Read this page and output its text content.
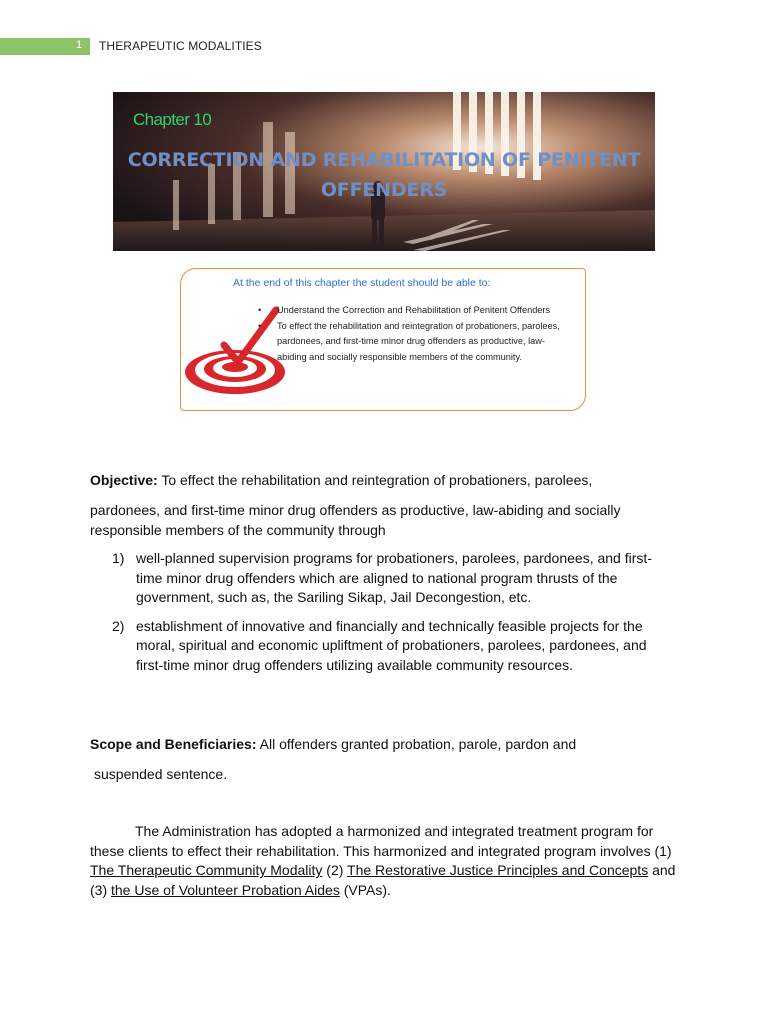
1	THERAPEUTIC MODALITIES
Chapter 10
CORRECTION AND REHABILITATION OF PENITENT OFFENDERS
At the end of this chapter the student should be able to:
• Understand the Correction and Rehabilitation of Penitent Offenders
• To effect the rehabilitation and reintegration of probationers, parolees, pardonees, and first-time minor drug offenders as productive, law-abiding and socially responsible members of the community.
Objective: To effect the rehabilitation and reintegration of probationers, parolees,
pardonees, and first-time minor drug offenders as productive, law-abiding and socially responsible members of the community through
1) well-planned supervision programs for probationers, parolees, pardonees, and first-time minor drug offenders which are aligned to national program thrusts of the government, such as, the Sariling Sikap, Jail Decongestion, etc.
2) establishment of innovative and financially and technically feasible projects for the moral, spiritual and economic upliftment of probationers, parolees, pardonees, and first-time minor drug offenders utilizing available community resources.
Scope and Beneficiaries: All offenders granted probation, parole, pardon and
suspended sentence.
The Administration has adopted a harmonized and integrated treatment program for these clients to effect their rehabilitation. This harmonized and integrated program involves (1) The Therapeutic Community Modality (2) The Restorative Justice Principles and Concepts and (3) the Use of Volunteer Probation Aides (VPAs).
